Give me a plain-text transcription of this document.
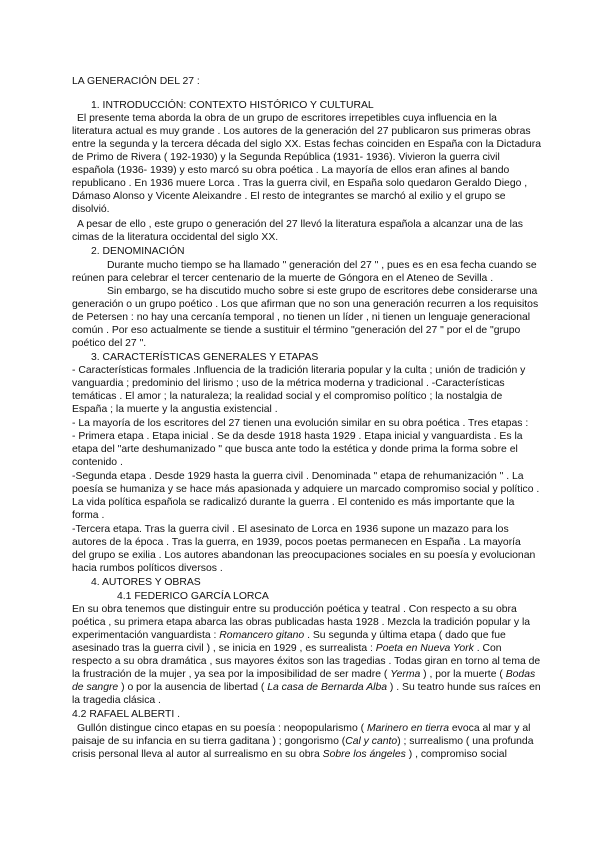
LA GENERACIÓN DEL 27 :
1. INTRODUCCIÓN: CONTEXTO HISTÓRICO Y CULTURAL
El presente tema aborda la obra de un grupo de escritores irrepetibles cuya influencia en la
literatura actual es muy grande . Los autores de la generación del 27 publicaron sus primeras obras
entre la segunda y la tercera década del siglo XX. Estas fechas coinciden en España con la Dictadura
de Primo de Rivera ( 192-1930) y la Segunda República (1931- 1936). Vivieron la guerra civil
española (1936- 1939) y esto marcó su obra poética . La mayoría de ellos eran afines al bando
republicano . En 1936 muere Lorca . Tras la guerra civil, en España solo quedaron Geraldo Diego ,
Dámaso Alonso y Vicente Aleixandre . El resto de integrantes se marchó al exilio y el grupo se
disolvió.
A pesar de ello , este grupo o generación del 27 llevó la literatura española a alcanzar una de las
cimas de la literatura occidental del siglo XX.
2. DENOMINACIÓN
Durante mucho tiempo se ha llamado " generación del 27 " , pues es en esa fecha cuando se
reúnen para celebrar el tercer centenario de la muerte de Góngora en el Ateneo de Sevilla .
Sin embargo, se ha discutido mucho sobre si este grupo de escritores debe considerarse una
generación o un grupo poético . Los que afirman que no son una generación recurren a los requisitos
de Petersen : no hay una cercanía temporal , no tienen un líder , ni tienen un lenguaje generacional
común . Por eso actualmente se tiende a sustituir el término "generación del 27 " por el de "grupo
poético del 27 ".
3. CARACTERÍSTICAS GENERALES Y ETAPAS
- Características formales .Influencia de la tradición literaria popular y la culta ; unión de tradición y
vanguardia ; predominio del lirismo ; uso de la métrica moderna y tradicional . -Características
temáticas . El amor ; la naturaleza; la realidad social y el compromiso político ; la nostalgia de
España ; la muerte y la angustia existencial .
- La mayoría de los escritores del 27 tienen una evolución similar en su obra poética . Tres etapas :
- Primera etapa . Etapa inicial . Se da desde 1918 hasta 1929 . Etapa inicial y vanguardista . Es la
etapa del "arte deshumanizado " que busca ante todo la estética y donde prima la forma sobre el
contenido .
-Segunda etapa . Desde 1929 hasta la guerra civil . Denominada " etapa de rehumanización " . La
poesía se humaniza y se hace más apasionada y adquiere un marcado compromiso social y político .
La vida política española se radicalizó durante la guerra . El contenido es más importante que la
forma .
-Tercera etapa. Tras la guerra civil . El asesinato de Lorca en 1936 supone un mazazo para los
autores de la época . Tras la guerra, en 1939, pocos poetas permanecen en España . La mayoría
del grupo se exilia . Los autores abandonan las preocupaciones sociales en su poesía y evolucionan
hacia rumbos políticos diversos .
4. AUTORES Y OBRAS
4.1 FEDERICO GARCÍA LORCA
En su obra tenemos que distinguir entre su producción poética y teatral . Con respecto a su obra
poética , su primera etapa abarca las obras publicadas hasta 1928 . Mezcla la tradición popular y la
experimentación vanguardista : Romancero gitano . Su segunda y última etapa ( dado que fue
asesinado tras la guerra civil ) , se inicia en 1929 , es surrealista : Poeta en Nueva York . Con
respecto a su obra dramática , sus mayores éxitos son las tragedias . Todas giran en torno al tema de
la frustración de la mujer , ya sea por la imposibilidad de ser madre ( Yerma ) , por la muerte ( Bodas
de sangre ) o por la ausencia de libertad ( La casa de Bernarda Alba ) . Su teatro hunde sus raíces en
la tragedia clásica .
4.2 RAFAEL ALBERTI .
Gullón distingue cinco etapas en su poesía : neopopularismo ( Marinero en tierra evoca al mar y al
paisaje de su infancia en su tierra gaditana ) ; gongorismo (Cal y canto) ; surrealismo ( una profunda
crisis personal lleva al autor al surrealismo en su obra Sobre los ángeles ) , compromiso social
